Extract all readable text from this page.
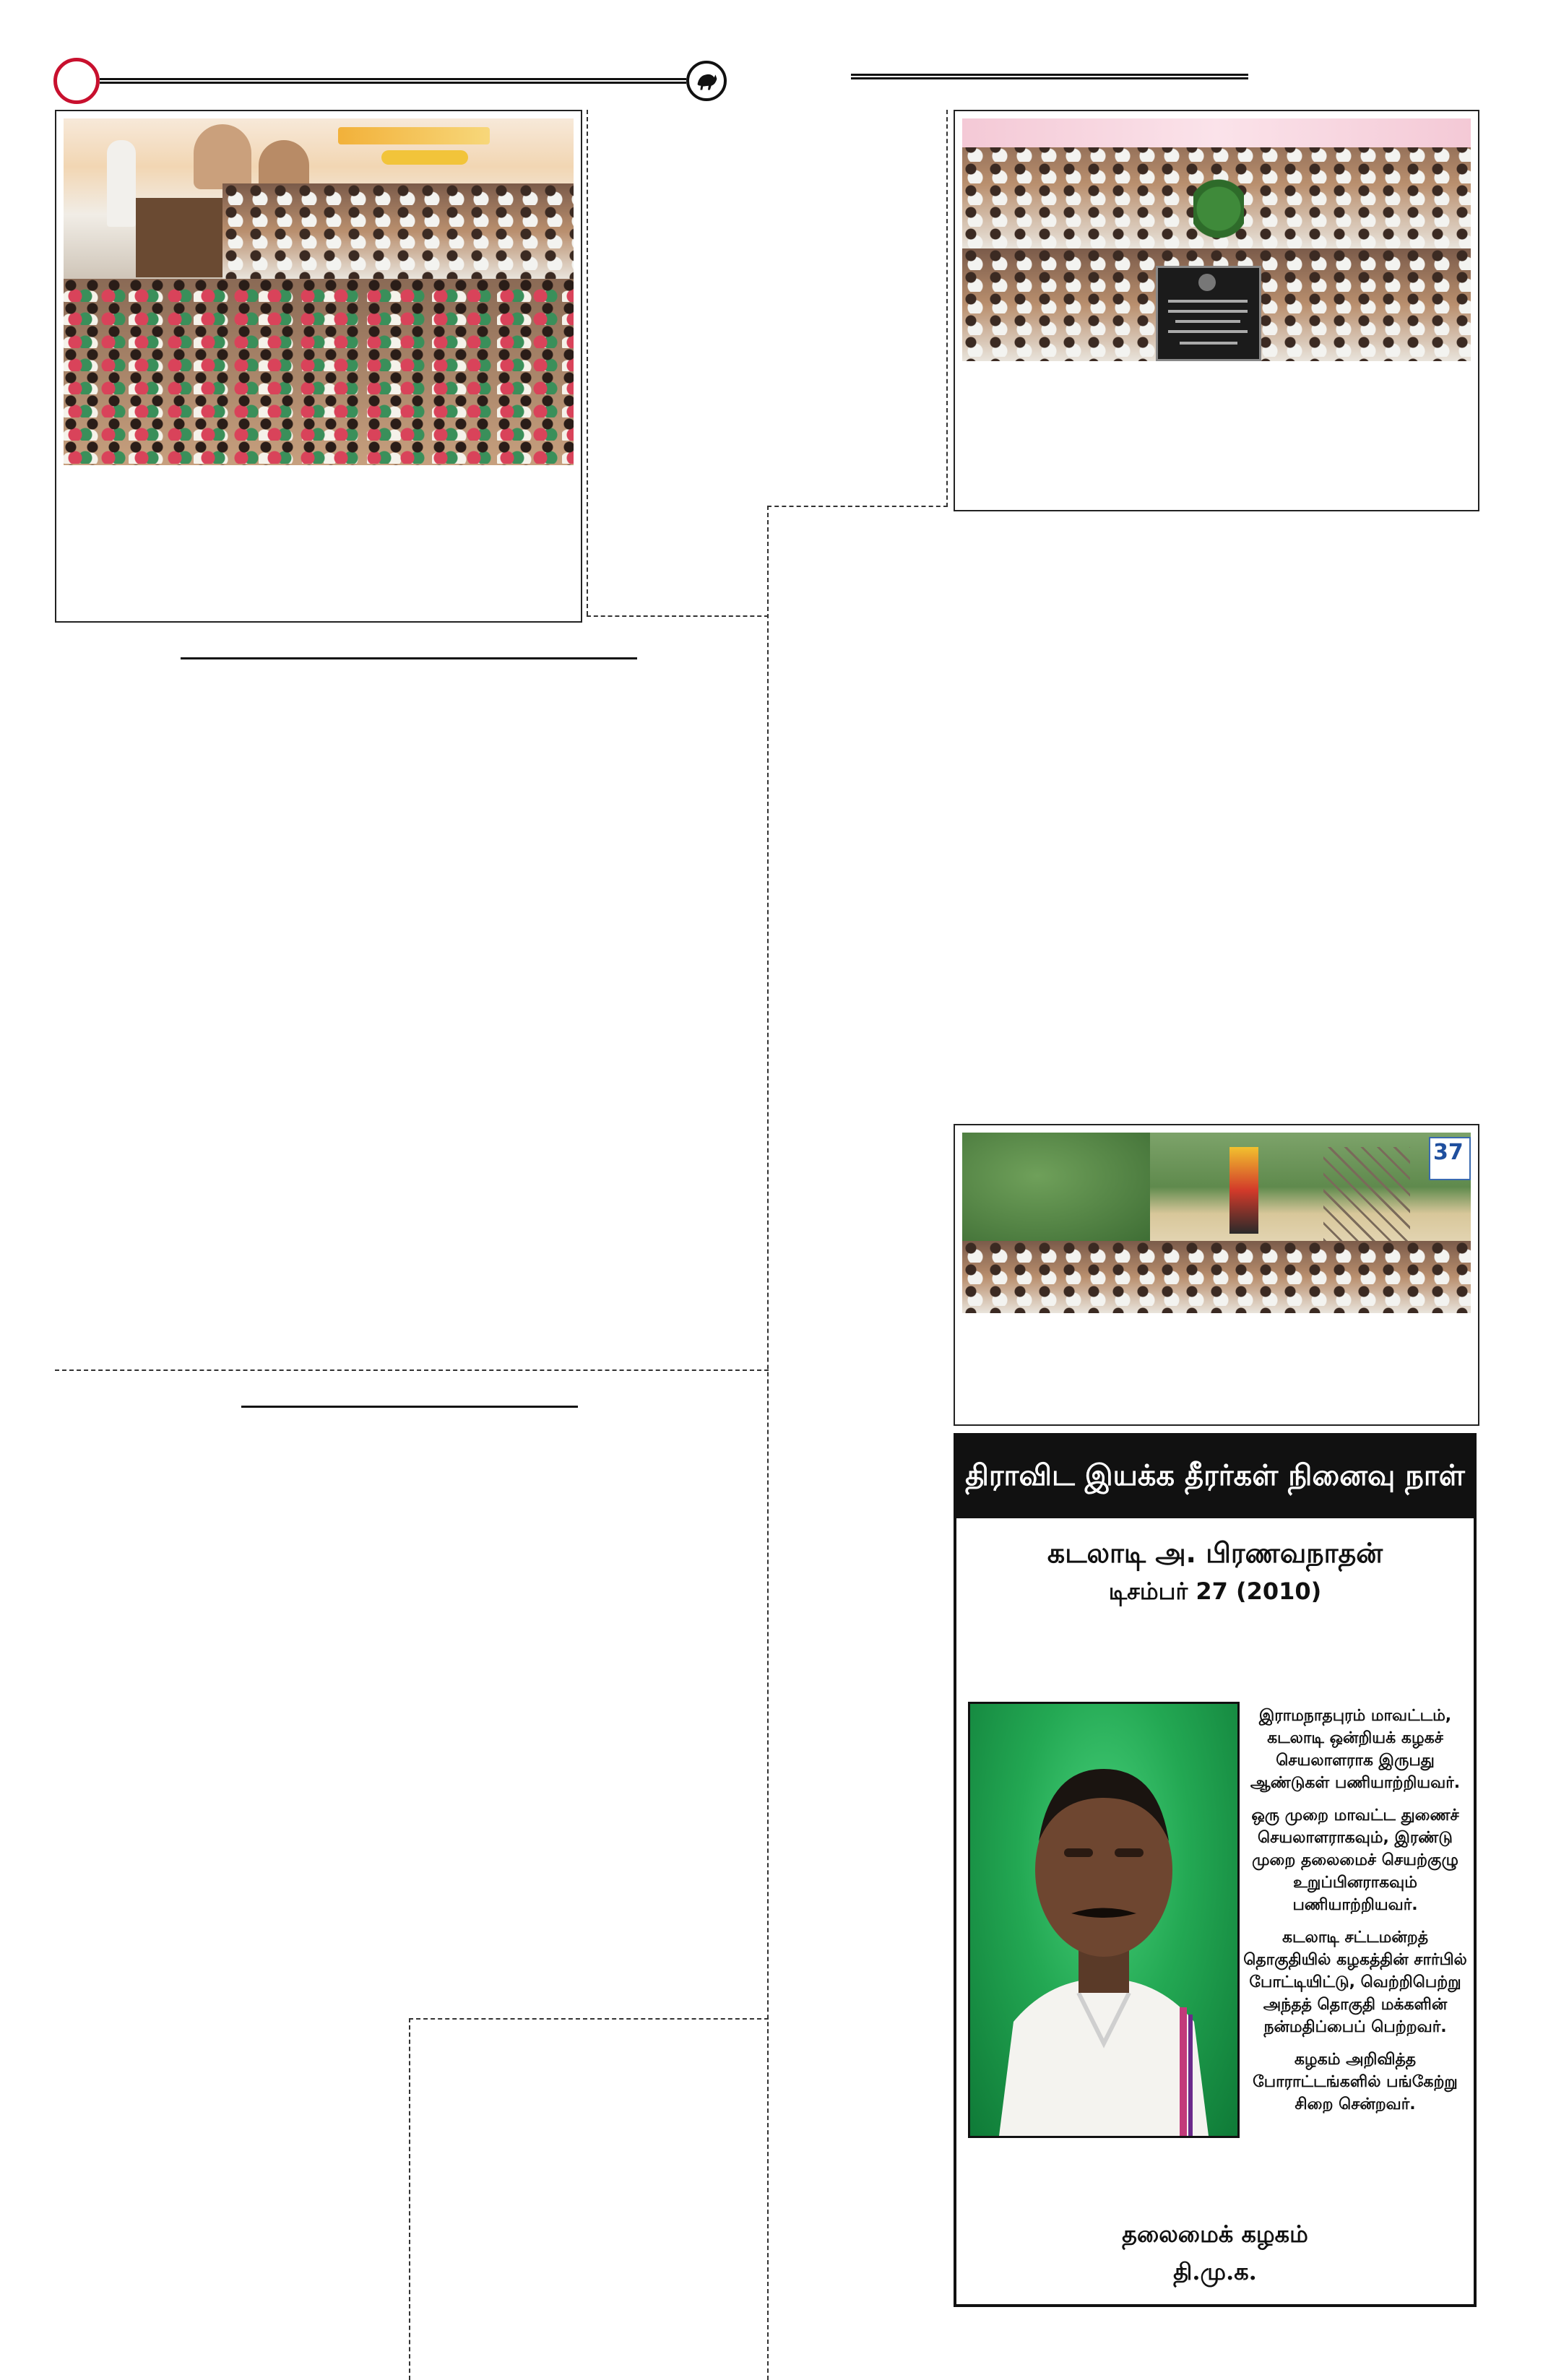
37
திராவிட இயக்க தீரர்கள் நினைவு நாள்
கடலாடி அ. பிரணவநாதன்
டிசம்பர் 27 (2010)

இராமநாதபுரம் மாவட்டம், கடலாடி ஒன்றியக் கழகச் செயலாளராக இருபது ஆண்டுகள் பணியாற்றியவர்.

ஒரு முறை மாவட்ட துணைச் செயலாளராகவும், இரண்டு முறை தலைமைச் செயற்குழு உறுப்பினராகவும் பணியாற்றியவர்.

கடலாடி சட்டமன்றத் தொகுதியில் கழகத்தின் சார்பில் போட்டியிட்டு, வெற்றிபெற்று அந்தத் தொகுதி மக்களின் நன்மதிப்பைப் பெற்றவர்.

கழகம் அறிவித்த போராட்டங்களில் பங்கேற்று சிறை சென்றவர்.

தலைமைக் கழகம்
தி.மு.க.
